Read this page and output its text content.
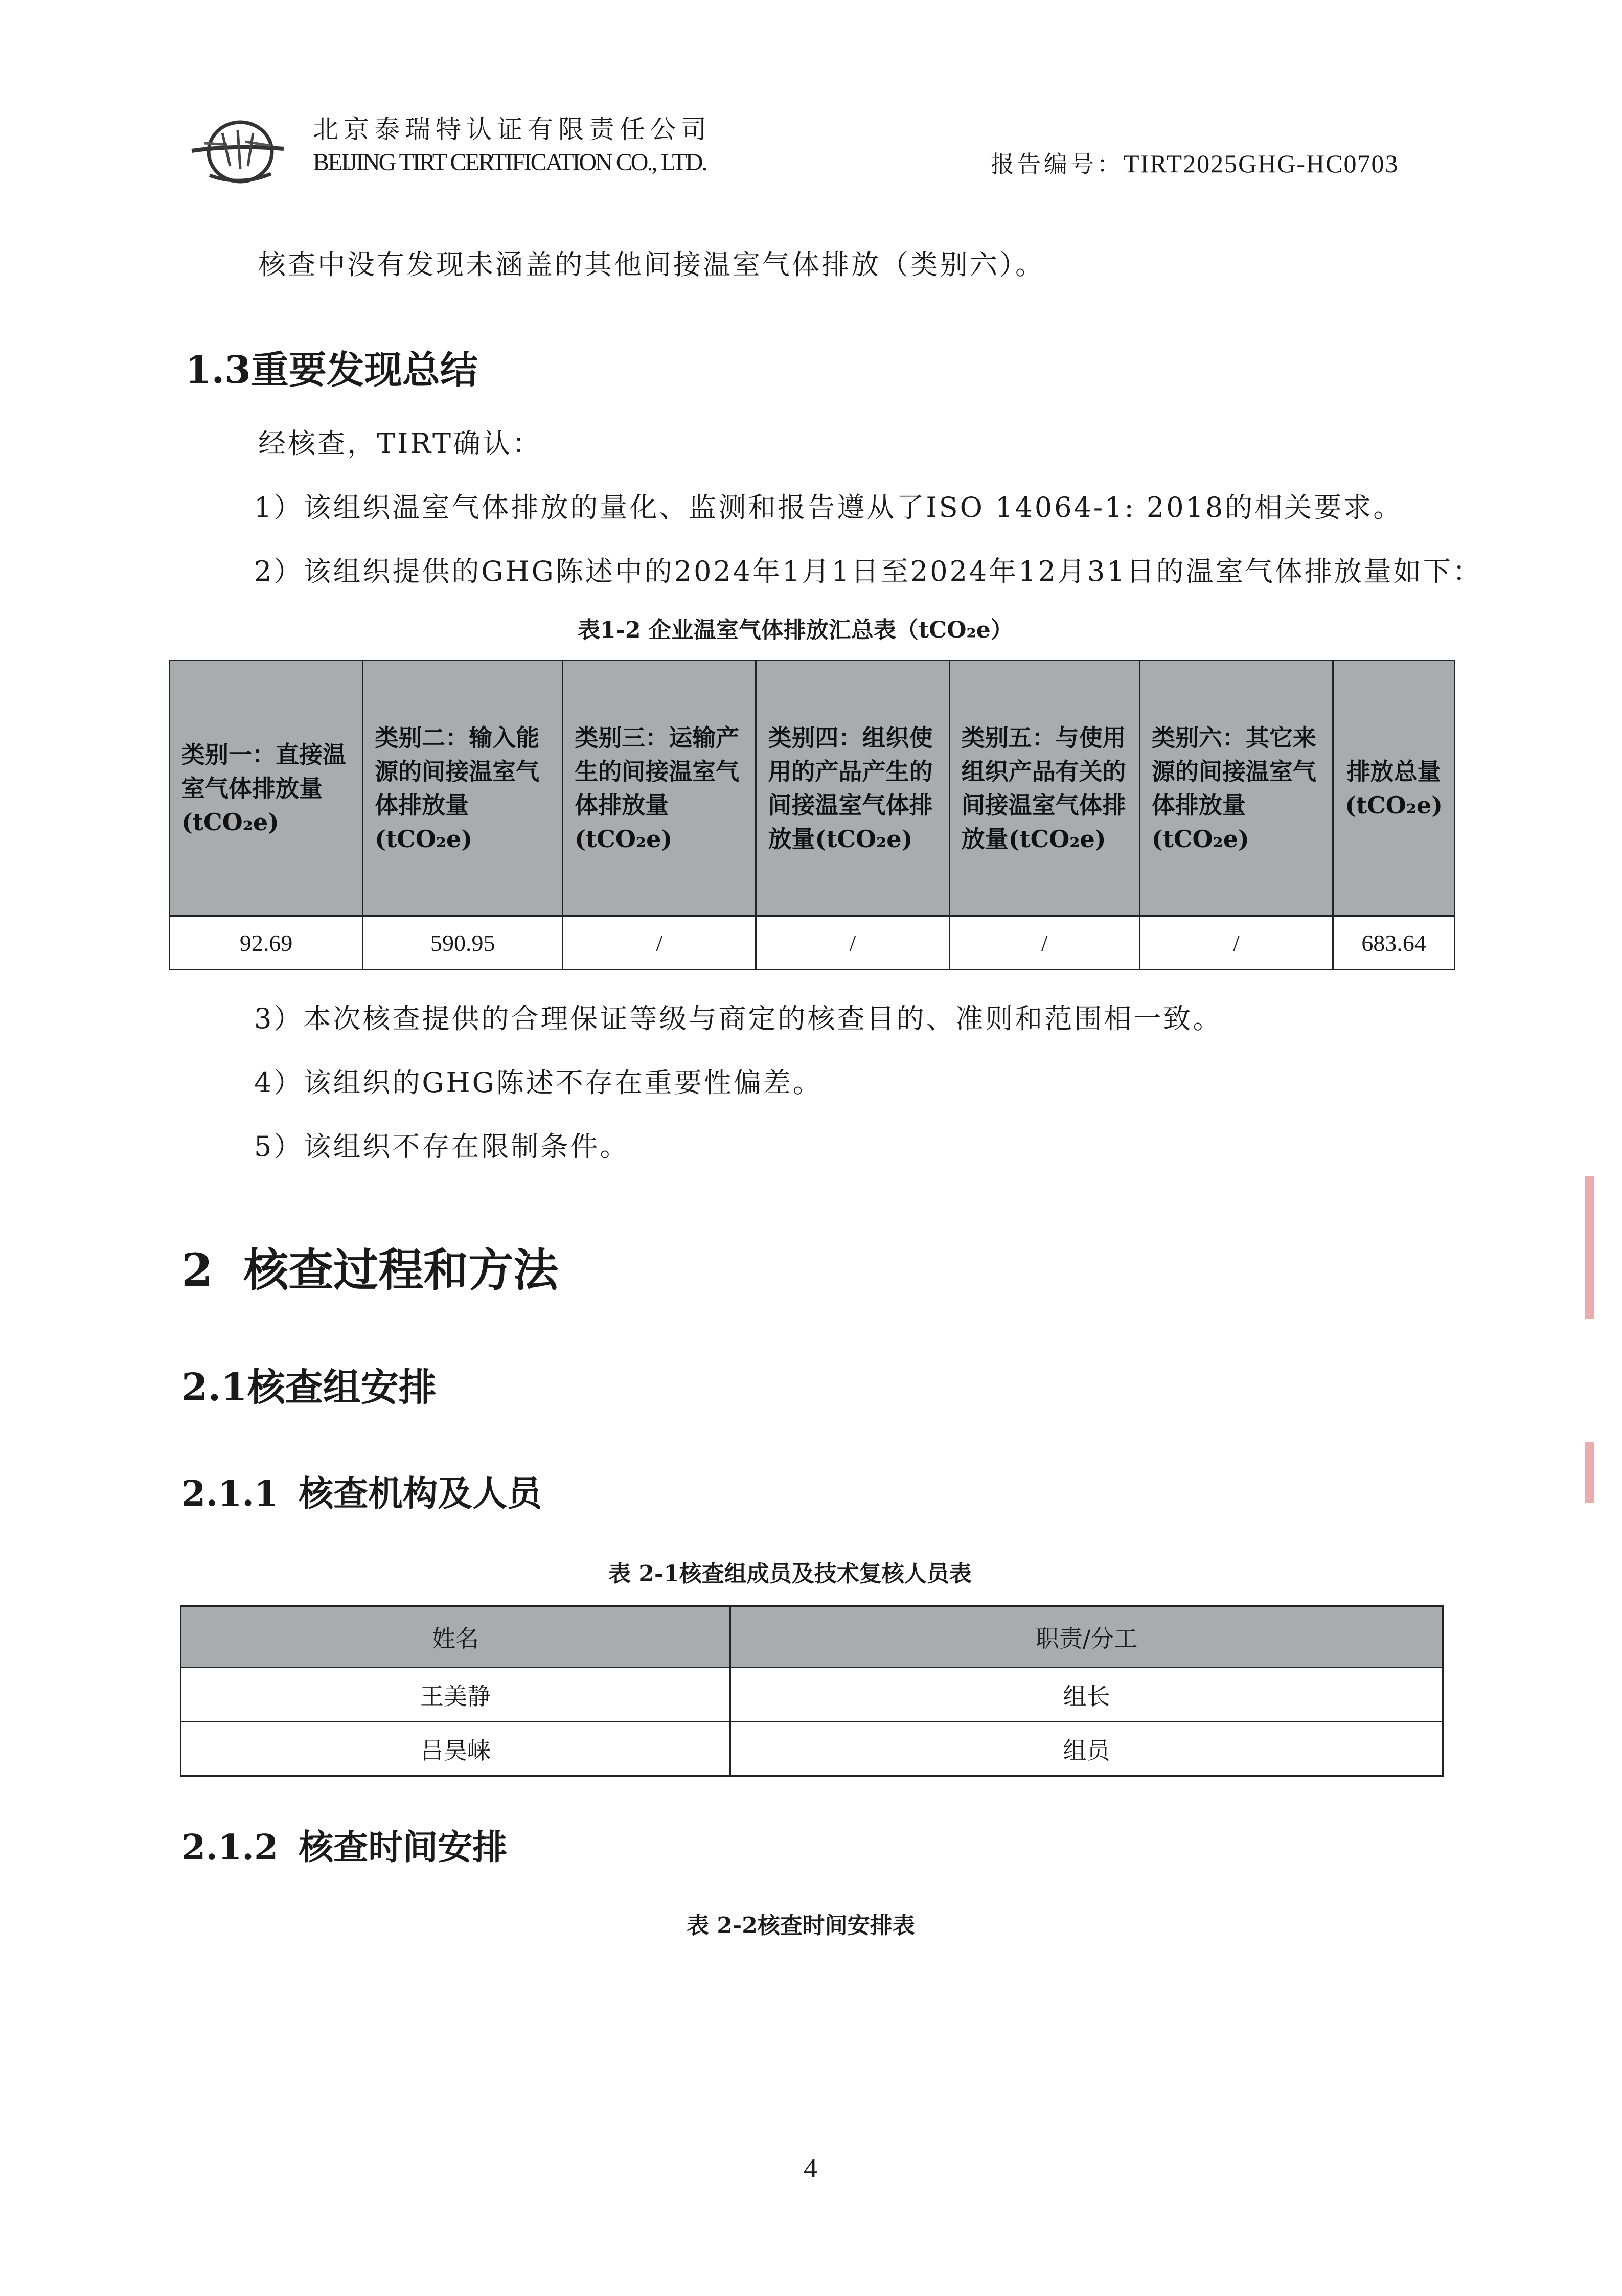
北京泰瑞特认证有限责任公司
BEIJING TIRT CERTIFICATION CO., LTD.	报告编号：TIRT2025GHG-HC0703
核查中没有发现未涵盖的其他间接温室气体排放（类别六）。
1.3重要发现总结
经核查，TIRT确认：
1）该组织温室气体排放的量化、监测和报告遵从了ISO 14064-1: 2018的相关要求。
2）该组织提供的GHG陈述中的2024年1月1日至2024年12月31日的温室气体排放量如下：
表1-2 企业温室气体排放汇总表（tCO₂e）
类别一：直接温室气体排放量(tCO₂e)	类别二：输入能源的间接温室气体排放量(tCO₂e)	类别三：运输产生的间接温室气体排放量(tCO₂e)	类别四：组织使用的产品产生的间接温室气体排放量(tCO₂e)	类别五：与使用组织产品有关的间接温室气体排放量(tCO₂e)	类别六：其它来源的间接温室气体排放量(tCO₂e)	排放总量(tCO₂e)
92.69	590.95	/	/	/	/	683.64
3）本次核查提供的合理保证等级与商定的核查目的、准则和范围相一致。
4）该组织的GHG陈述不存在重要性偏差。
5）该组织不存在限制条件。
2 核查过程和方法
2.1核查组安排
2.1.1 核查机构及人员
表 2-1核查组成员及技术复核人员表
姓名	职责/分工
王美静	组长
吕昊崃	组员
2.1.2 核查时间安排
表 2-2核查时间安排表
4
